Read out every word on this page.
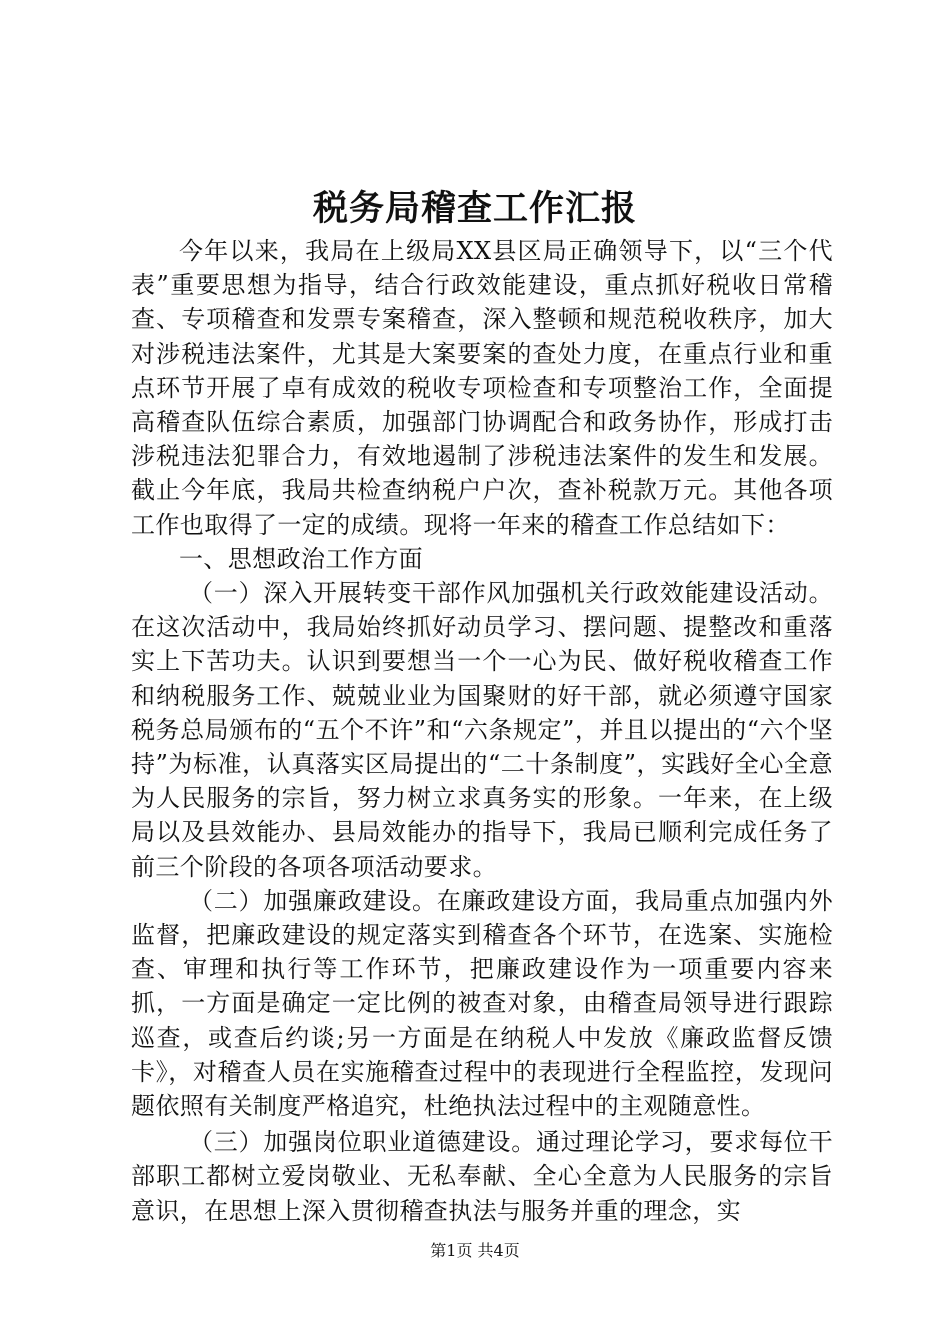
税务局稽查工作汇报

今年以来，我局在上级局XX县区局正确领导下，以“三个代表”重要思想为指导，结合行政效能建设，重点抓好税收日常稽查、专项稽查和发票专案稽查，深入整顿和规范税收秩序，加大对涉税违法案件，尤其是大案要案的查处力度，在重点行业和重点环节开展了卓有成效的税收专项检查和专项整治工作，全面提高稽查队伍综合素质，加强部门协调配合和政务协作，形成打击涉税违法犯罪合力，有效地遏制了涉税违法案件的发生和发展。截止今年底，我局共检查纳税户户次，查补税款万元。其他各项工作也取得了一定的成绩。现将一年来的稽查工作总结如下：

一、思想政治工作方面

（一）深入开展转变干部作风加强机关行政效能建设活动。在这次活动中，我局始终抓好动员学习、摆问题、提整改和重落实上下苦功夫。认识到要想当一个一心为民、做好税收稽查工作和纳税服务工作、兢兢业业为国聚财的好干部，就必须遵守国家税务总局颁布的“五个不许”和“六条规定”，并且以提出的“六个坚持”为标准，认真落实区局提出的“二十条制度”，实践好全心全意为人民服务的宗旨，努力树立求真务实的形象。一年来，在上级局以及县效能办、县局效能办的指导下，我局已顺利完成任务了前三个阶段的各项各项活动要求。

（二）加强廉政建设。在廉政建设方面，我局重点加强内外监督，把廉政建设的规定落实到稽查各个环节，在选案、实施检查、审理和执行等工作环节，把廉政建设作为一项重要内容来抓，一方面是确定一定比例的被查对象，由稽查局领导进行跟踪巡查，或查后约谈;另一方面是在纳税人中发放《廉政监督反馈卡》，对稽查人员在实施稽查过程中的表现进行全程监控，发现问题依照有关制度严格追究，杜绝执法过程中的主观随意性。

（三）加强岗位职业道德建设。通过理论学习，要求每位干部职工都树立爱岗敬业、无私奉献、全心全意为人民服务的宗旨意识，在思想上深入贯彻稽查执法与服务并重的理念，实

第1页 共4页
